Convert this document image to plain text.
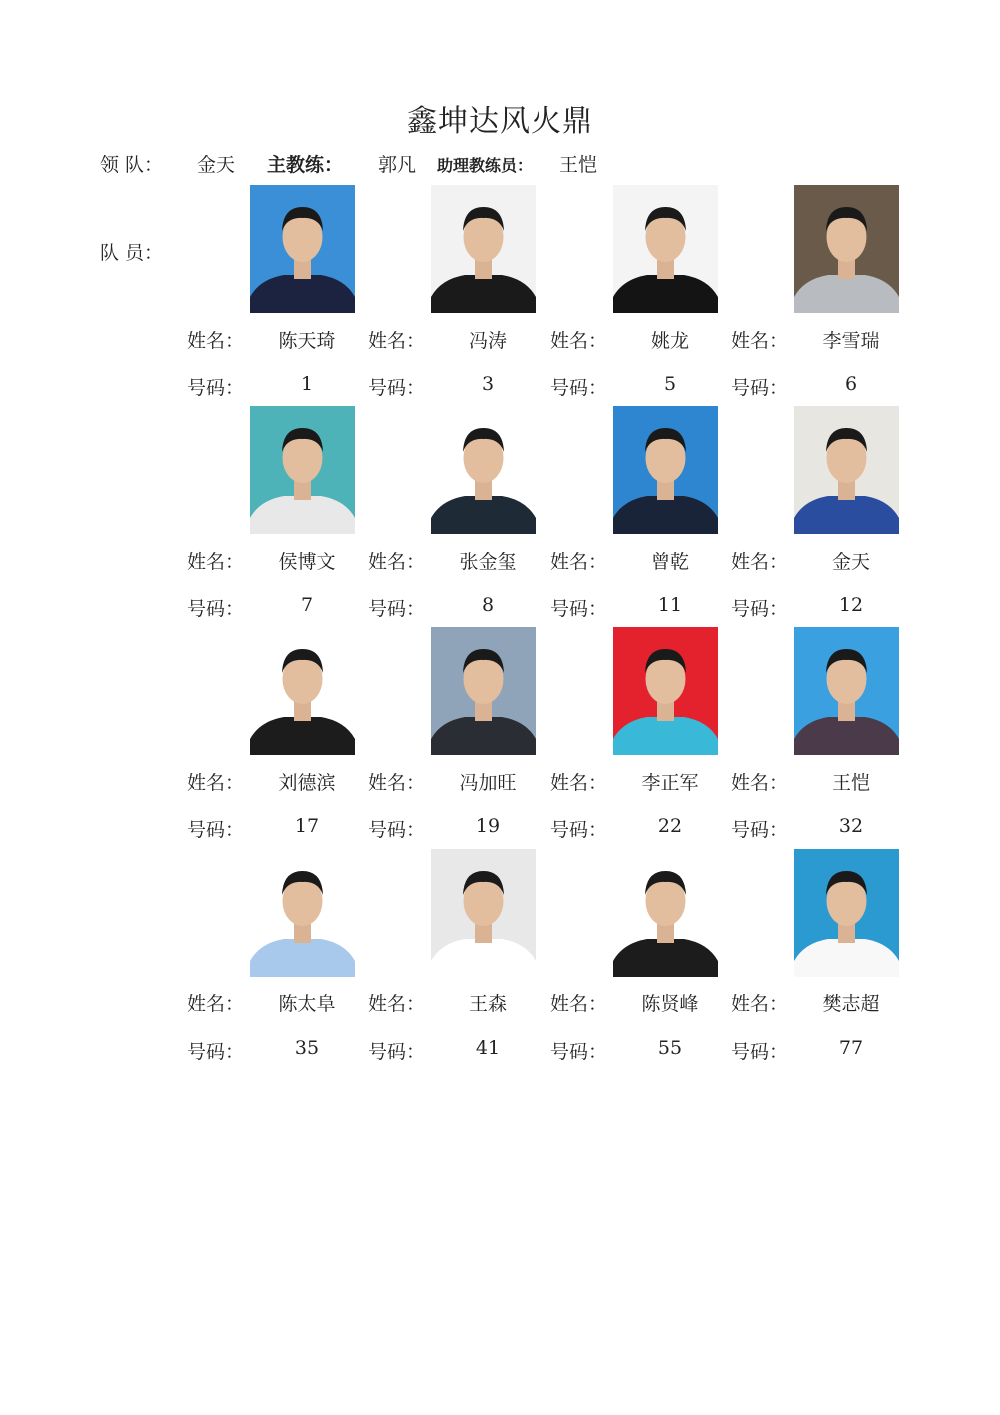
鑫坤达风火鼎
领 队： 金天 主教练： 郭凡 助理教练员： 王恺
队 员：
姓名：	陈天琦
号码：	1
姓名：	冯涛
号码：	3
姓名：	姚龙
号码：	5
姓名：	李雪瑞
号码：	6
姓名：	侯博文
号码：	7
姓名：	张金玺
号码：	8
姓名：	曾乾
号码：	11
姓名：	金天
号码：	12
姓名：	刘德滨
号码：	17
姓名：	冯加旺
号码：	19
姓名：	李正军
号码：	22
姓名：	王恺
号码：	32
姓名：	陈太阜
号码：	35
姓名：	王森
号码：	41
姓名：	陈贤峰
号码：	55
姓名：	樊志超
号码：	77
